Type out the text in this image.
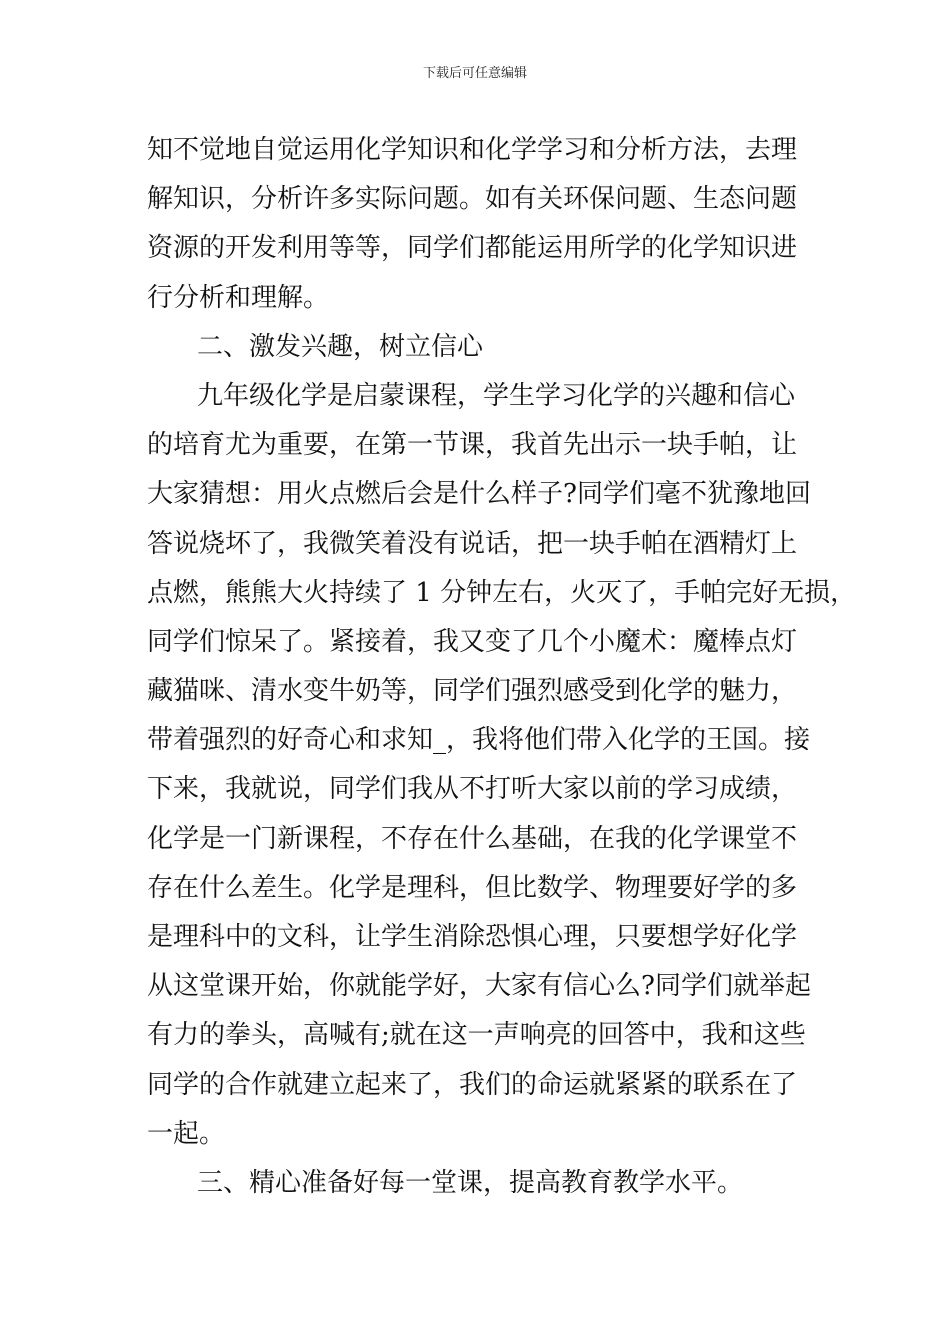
下载后可任意编辑
知不觉地自觉运用化学知识和化学学习和分析方法，去理
解知识，分析许多实际问题。如有关环保问题、生态问题
资源的开发利用等等，同学们都能运用所学的化学知识进
行分析和理解。
二、激发兴趣，树立信心
九年级化学是启蒙课程，学生学习化学的兴趣和信心
的培育尤为重要，在第一节课，我首先出示一块手帕，让
大家猜想：用火点燃后会是什么样子?同学们毫不犹豫地回
答说烧坏了，我微笑着没有说话，把一块手帕在酒精灯上
点燃，熊熊大火持续了 1 分钟左右，火灭了，手帕完好无损，
同学们惊呆了。紧接着，我又变了几个小魔术：魔棒点灯
藏猫咪、清水变牛奶等，同学们强烈感受到化学的魅力，
带着强烈的好奇心和求知_，我将他们带入化学的王国。接
下来，我就说，同学们我从不打听大家以前的学习成绩，
化学是一门新课程，不存在什么基础，在我的化学课堂不
存在什么差生。化学是理科，但比数学、物理要好学的多
是理科中的文科，让学生消除恐惧心理，只要想学好化学
从这堂课开始，你就能学好，大家有信心么?同学们就举起
有力的拳头，高喊有;就在这一声响亮的回答中，我和这些
同学的合作就建立起来了，我们的命运就紧紧的联系在了
一起。
三、精心准备好每一堂课，提高教育教学水平。
